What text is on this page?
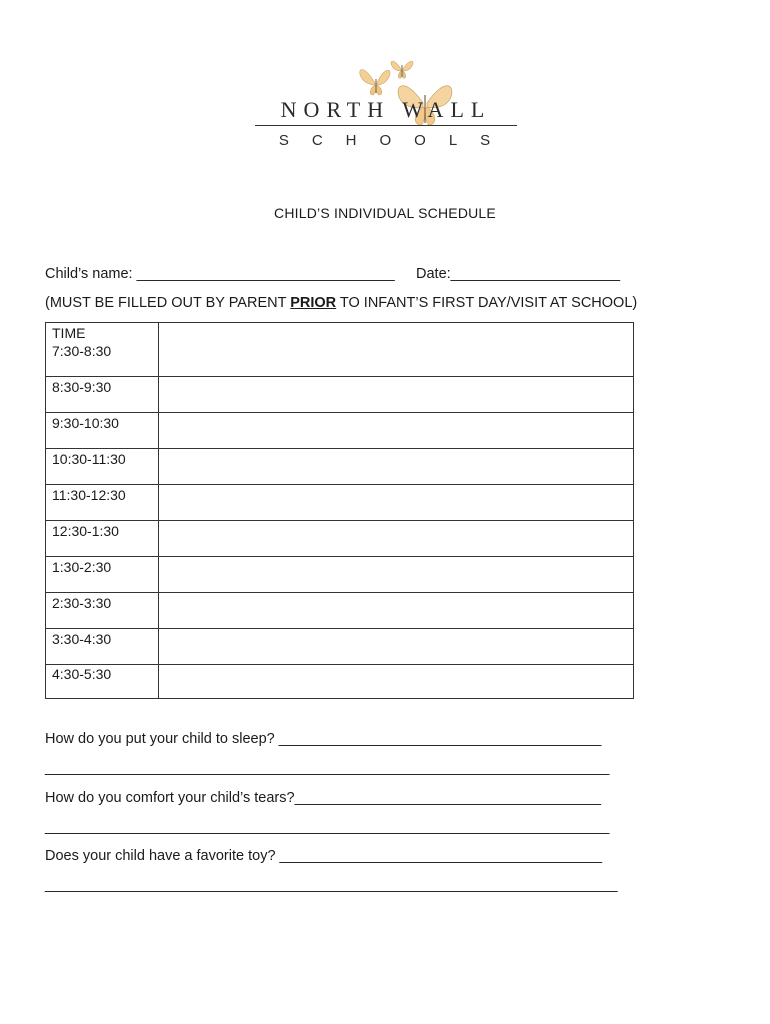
NORTH WALL
SCHOOLS
CHILD’S INDIVIDUAL SCHEDULE
Child’s name: ________________________________ Date:_____________________
(MUST BE FILLED OUT BY PARENT PRIOR TO INFANT’S FIRST DAY/VISIT AT SCHOOL)
TIME
7:30-8:30
8:30-9:30
9:30-10:30
10:30-11:30
11:30-12:30
12:30-1:30
1:30-2:30
2:30-3:30
3:30-4:30
4:30-5:30
How do you put your child to sleep? ________________________________________
______________________________________________________________________
How do you comfort your child’s tears?______________________________________
______________________________________________________________________
Does your child have a favorite toy? ________________________________________
_______________________________________________________________________
